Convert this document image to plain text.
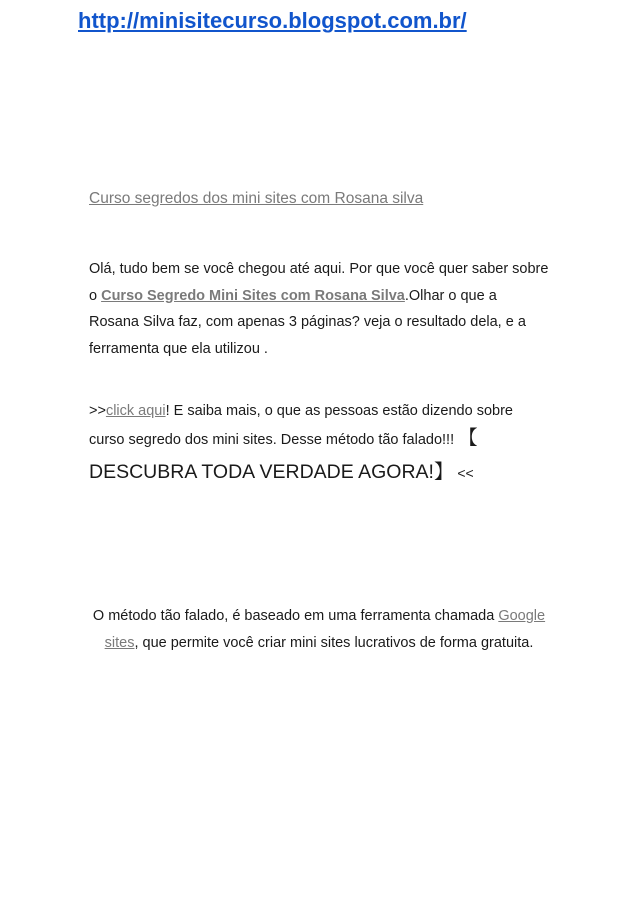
http://minisitecurso.blogspot.com.br/
Curso segredos dos mini sites com Rosana silva
Olá, tudo bem se você chegou até aqui. Por que você quer saber sobre o Curso Segredo Mini Sites com Rosana Silva.Olhar o que a Rosana Silva faz, com apenas 3 páginas? veja o resultado dela, e a ferramenta que ela utilizou .
>>click aqui! E saiba mais, o que as pessoas estão dizendo sobre curso segredo dos mini sites. Desse método tão falado!!! 【
DESCUBRA TODA VERDADE AGORA!】 <<
O método tão falado, é baseado em uma ferramenta chamada Google sites, que permite você criar mini sites lucrativos de forma gratuita.
